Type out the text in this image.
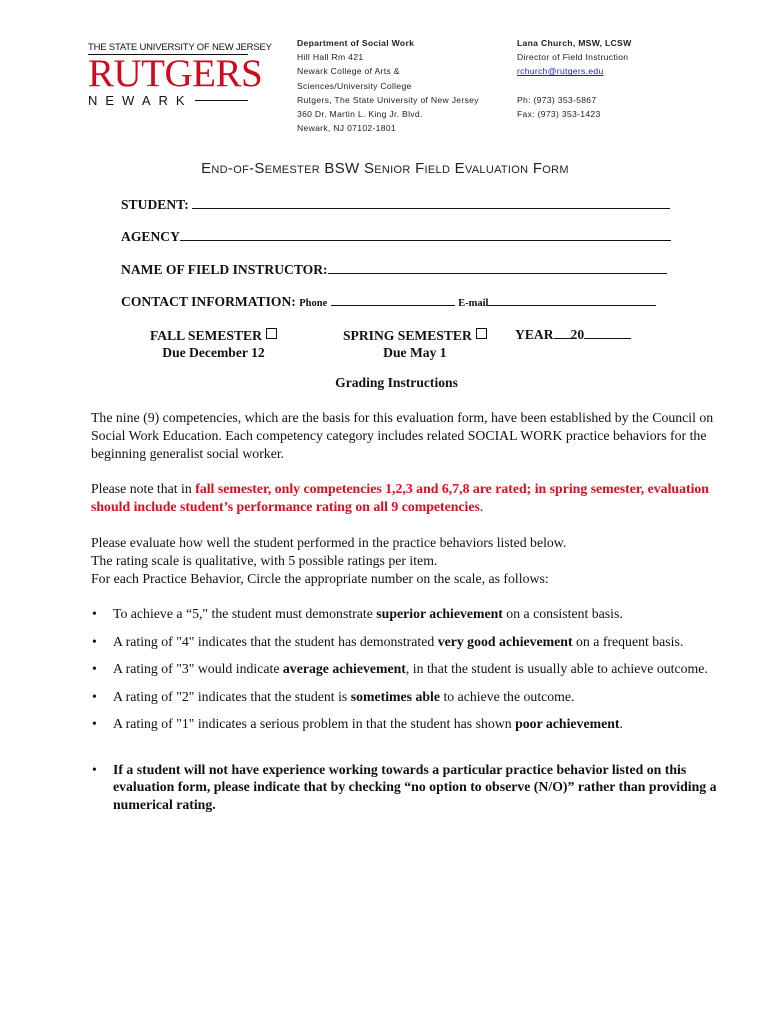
THE STATE UNIVERSITY OF NEW JERSEY
RUTGERS
NEWARK
Department of Social Work
Hill Hall Rm 421
Newark College of Arts &
Sciences/University College
Rutgers, The State University of New Jersey
360 Dr. Martin L. King Jr. Blvd.
Newark, NJ 07102-1801
Lana Church, MSW, LCSW
Director of Field Instruction
rchurch@rutgers.edu

Ph: (973) 353-5867
Fax: (973) 353-1423
End-of-Semester BSW Senior Field Evaluation Form
STUDENT:
AGENCY
NAME OF FIELD INSTRUCTOR:
CONTACT INFORMATION: Phone	E-mail
FALL SEMESTER
Due December 12
SPRING SEMESTER
Due May 1
YEAR 20
Grading Instructions
The nine (9) competencies, which are the basis for this evaluation form, have been established by the Council on Social Work Education. Each competency category includes related SOCIAL WORK practice behaviors for the beginning generalist social worker.
Please note that in fall semester, only competencies 1,2,3 and 6,7,8 are rated; in spring semester, evaluation should include student’s performance rating on all 9 competencies.
Please evaluate how well the student performed in the practice behaviors listed below.
The rating scale is qualitative, with 5 possible ratings per item.
For each Practice Behavior, Circle the appropriate number on the scale, as follows:
• To achieve a “5," the student must demonstrate superior achievement on a consistent basis.
• A rating of "4" indicates that the student has demonstrated very good achievement on a frequent basis.
• A rating of "3" would indicate average achievement, in that the student is usually able to achieve outcome.
• A rating of "2" indicates that the student is sometimes able to achieve the outcome.
• A rating of "1" indicates a serious problem in that the student has shown poor achievement.
• If a student will not have experience working towards a particular practice behavior listed on this evaluation form, please indicate that by checking “no option to observe (N/O)” rather than providing a numerical rating.
